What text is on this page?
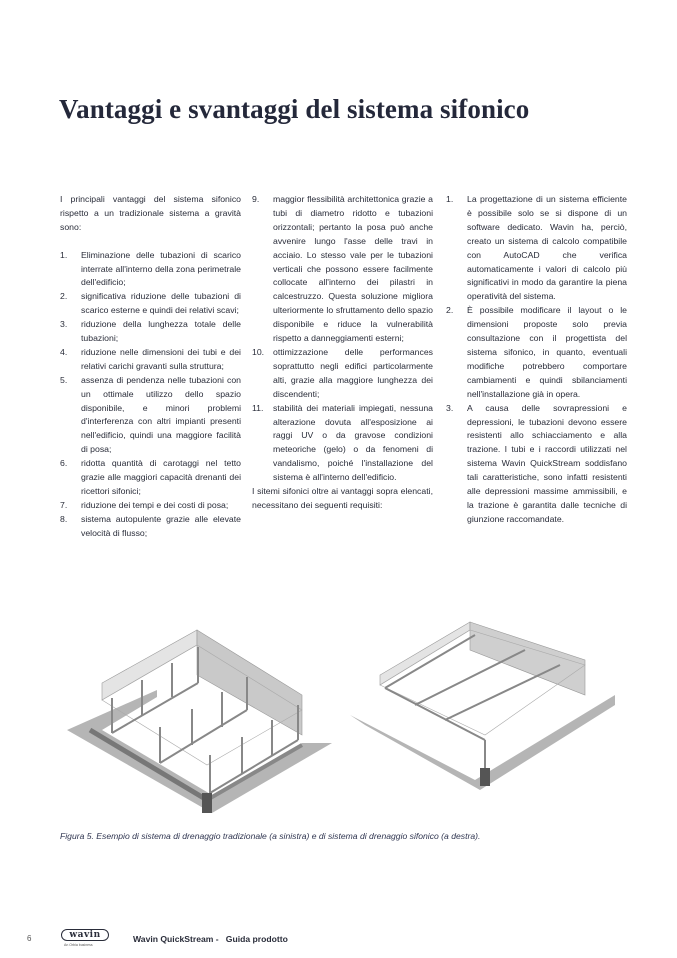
Vantaggi e svantaggi del sistema sifonico

I principali vantaggi del sistema sifonico rispetto a un tradizionale sistema a gravità sono:

1. Eliminazione delle tubazioni di scarico interrate all'interno della zona perimetrale dell'edificio;
2. significativa riduzione delle tubazioni di scarico esterne e quindi dei relativi scavi;
3. riduzione della lunghezza totale delle tubazioni;
4. riduzione nelle dimensioni dei tubi e dei relativi carichi gravanti sulla struttura;
5. assenza di pendenza nelle tubazioni con un ottimale utilizzo dello spazio disponibile, e minori problemi d'interferenza con altri impianti presenti nell'edificio, quindi una maggiore facilità di posa;
6. ridotta quantità di carotaggi nel tetto grazie alle maggiori capacità drenanti dei ricettori sifonici;
7. riduzione dei tempi e dei costi di posa;
8. sistema autopulente grazie alle elevate velocità di flusso;
9. maggior flessibilità architettonica grazie a tubi di diametro ridotto e tubazioni orizzontali; pertanto la posa può anche avvenire lungo l'asse delle travi in acciaio. Lo stesso vale per le tubazioni verticali che possono essere facilmente collocate all'interno dei pilastri in calcestruzzo. Questa soluzione migliora ulteriormente lo sfruttamento dello spazio disponibile e riduce la vulnerabilità rispetto a danneggiamenti esterni;
10. ottimizzazione delle performances soprattutto negli edifici particolarmente alti, grazie alla maggiore lunghezza dei discendenti;
11. stabilità dei materiali impiegati, nessuna alterazione dovuta all'esposizione ai raggi UV o da gravose condizioni meteoriche (gelo) o da fenomeni di vandalismo, poiché l'installazione del sistema è all'interno dell'edificio.

I sitemi sifonici oltre ai vantaggi sopra elencati, necessitano dei seguenti requisiti:

1. La progettazione di un sistema efficiente è possibile solo se si dispone di un software dedicato. Wavin ha, perciò, creato un sistema di calcolo compatibile con AutoCAD che verifica automaticamente i valori di calcolo più significativi in modo da garantire la piena operatività del sistema.
2. È possibile modificare il layout o le dimensioni proposte solo previa consultazione con il progettista del sistema sifonico, in quanto, eventuali modifiche potrebbero comportare cambiamenti e quindi sbilanciamenti nell'installazione già in opera.
3. A causa delle sovrapressioni e depressioni, le tubazioni devono essere resistenti allo schiacciamento e alla trazione. I tubi e i raccordi utilizzati nel sistema Wavin QuickStream soddisfano tali caratteristiche, sono infatti resistenti alle depressioni massime ammissibili, e la trazione è garantita dalle tecniche di giunzione raccomandate.
Figura 5. Esempio di sistema di drenaggio tradizionale (a sinistra) e di sistema di drenaggio sifonico (a destra).
6	wavin
An Orbia business
Wavin QuickStream -   Guida prodotto
